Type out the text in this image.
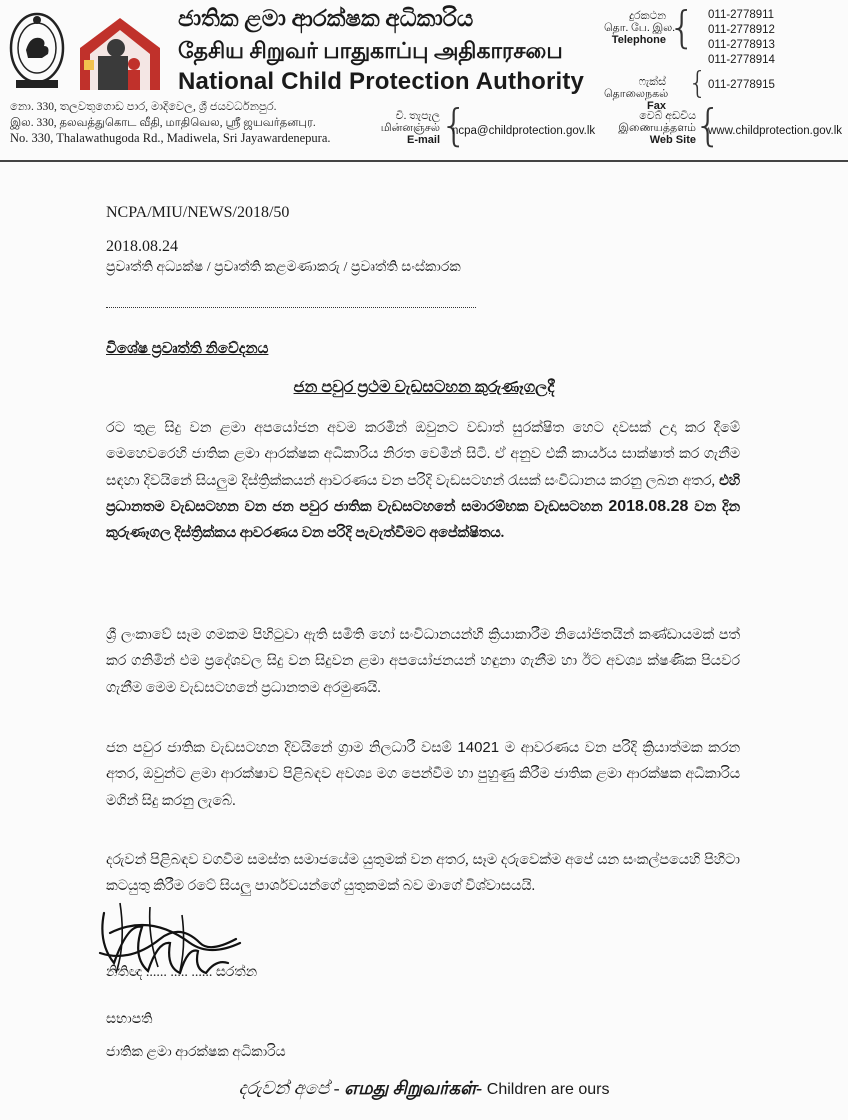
ජාතික ළමා ආරක්ෂක අධිකාරිය
தேசிய சிறுவர் பாதுகாப்பு அதிகாரசபை
National Child Protection Authority
දුරකථන
தொ. பே. இல.
Telephone { 011-2778911
011-2778912
011-2778913
011-2778914
ෆැක්ස්
தொலைநகல்
Fax
{ 011-2778915
නො. 330, තලවතුගොඩ පාර, මාදිවෙල, ශ්‍රී ජයවර්ධනපුර.
இல. 330, தலவத்துகொட வீதி, மாதிவெல, ஸ்ரீ ஜயவர்தனபுர.
No. 330, Thalawathugoda Rd., Madiwela, Sri Jayawardenepura.
වි. තැපැල
மின்னஞ்சல்
E-mail {
ncpa@childprotection.gov.lk
වෙබ් අඩවිය
இணையத்தளம்
Web Site
{
www.childprotection.gov.lk
NCPA/MIU/NEWS/2018/50
2018.08.24
ප්‍රවෘත්ති අධ්‍යක්ෂ / ප්‍රවෘත්ති කළමණාකරු / ප්‍රවෘත්ති සංස්කාරක
විශේෂ ප්‍රවෘත්ති නිවේදනය
ජන පවුර ප්‍රථම වැඩසටහන කුරුණෑගලදී
රට තුළ සිදු වන ළමා අපයෝජන අවම කරමින් ඔවුනට වඩාත් සුරක්ෂිත හෙට දවසක් උදා කර දීමේ මෙහෙවරෙහි ජාතික ළමා ආරක්ෂක අධිකාරිය නිරත වෙමින් සිටී. ඒ අනුව එකී කාර්යය සාක්ෂාත් කර ගැනීම සඳහා දිවයිනේ සියලුම දිස්ත්‍රික්කයන් ආවරණය වන පරිදි වැඩසටහන් රැසක් සංවිධානය කරනු ලබන අතර, එහි ප්‍රධානතම වැඩසටහන වන ජන පවුර ජාතික වැඩසටහනේ සමාරම්භක වැඩසටහන 2018.08.28 වන දින කුරුණෑගල දිස්ත්‍රික්කය ආවරණය වන පරිදි පැවැත්වීමට අපේක්ෂිතය.
ශ්‍රී ලංකාවේ සෑම ගමකම පිහිටුවා ඇති සමිති හෝ සංවිධානයන්හී ක්‍රියාකාරීම නියෝජිතයින් කණ්ඩායමක් පත් කර ගනිමින් එම ප්‍රදේශවල සිදු වන සිදුවන ළමා අපයෝජනයන් හඳුනා ගැනීම හා ඊට අවශ්‍ය ක්ෂණික පියවර ගැනීම මෙම වැඩසටහනේ ප්‍රධානතම අරමුණයි.
ජන පවුර ජාතික වැඩසටහන දිවයිනේ ග්‍රාම නිලධාරී වසම් 14021 ම ආවරණය වන පරිදි ක්‍රියාත්මක කරන අතර, ඔවුන්ට ළමා ආරක්ෂාව පිළිබඳව අවශ්‍ය මග පෙන්වීම හා පුහුණු කිරීම ජාතික ළමා ආරක්ෂක අධිකාරිය මගින් සිදු කරනු ලැබේ.
දරුවන් පිළිබඳව වගවීම සමස්ත සමාජයේම යුතුමක් වන අතර, සෑම දරුවෙක්ම අපේ යන සංකල්පයෙහි පිහිටා කටයුතු කිරීම රටේ සියලු පාර්ශවයන්ගේ යුතුකමක් බව මාගේ විශ්වාසයයි.
නිතිඥ ...... ..... ...... සරත්න
සභාපති
ජාතික ළමා ආරක්ෂක අධිකාරිය
දරුවන් අපේ - எமது சிறுவர்கள்- Children are ours
